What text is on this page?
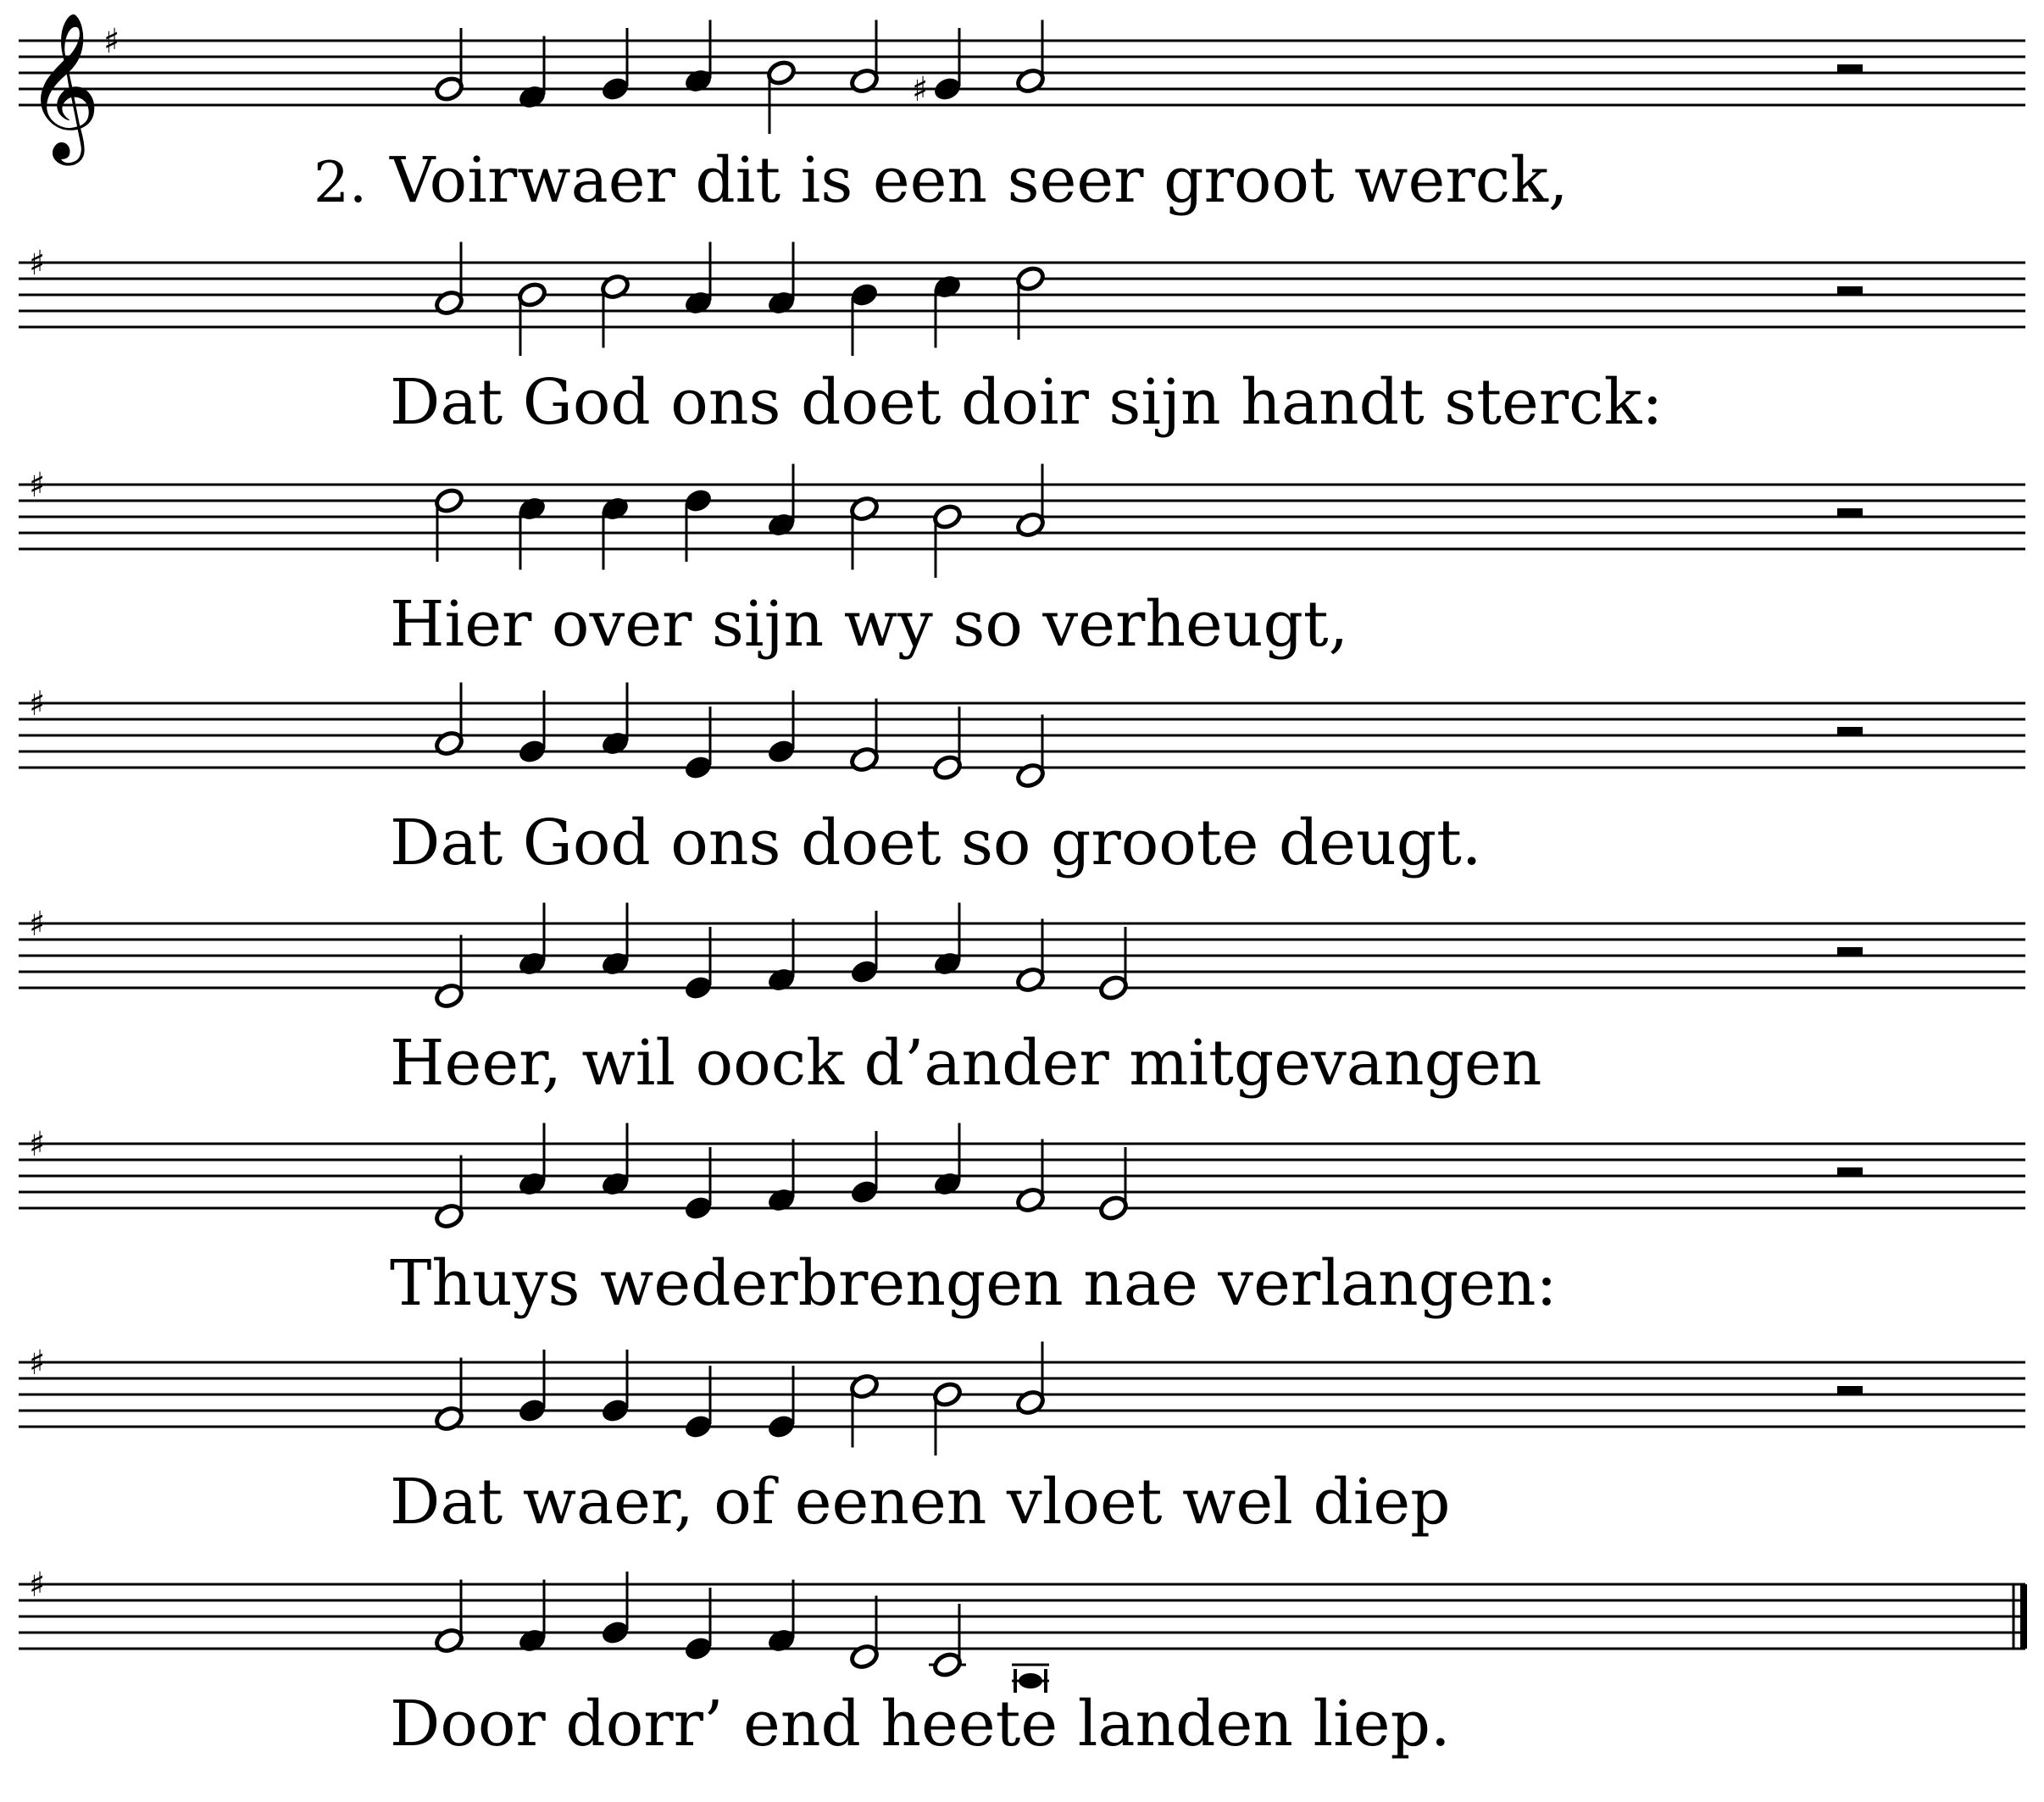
𝄞 ♯
♯
2. Voirwaer dit is een seer groot werck,
♯
Dat God ons doet doir sijn handt sterck:
♯
Hier over sijn wy so verheugt,
♯
Dat God ons doet so groote deugt.
♯
Heer, wil oock d’ander mitgevangen
♯
Thuys wederbrengen nae verlangen:
♯
Dat waer, of eenen vloet wel diep
♯
Door dorr’ end heete landen liep.
